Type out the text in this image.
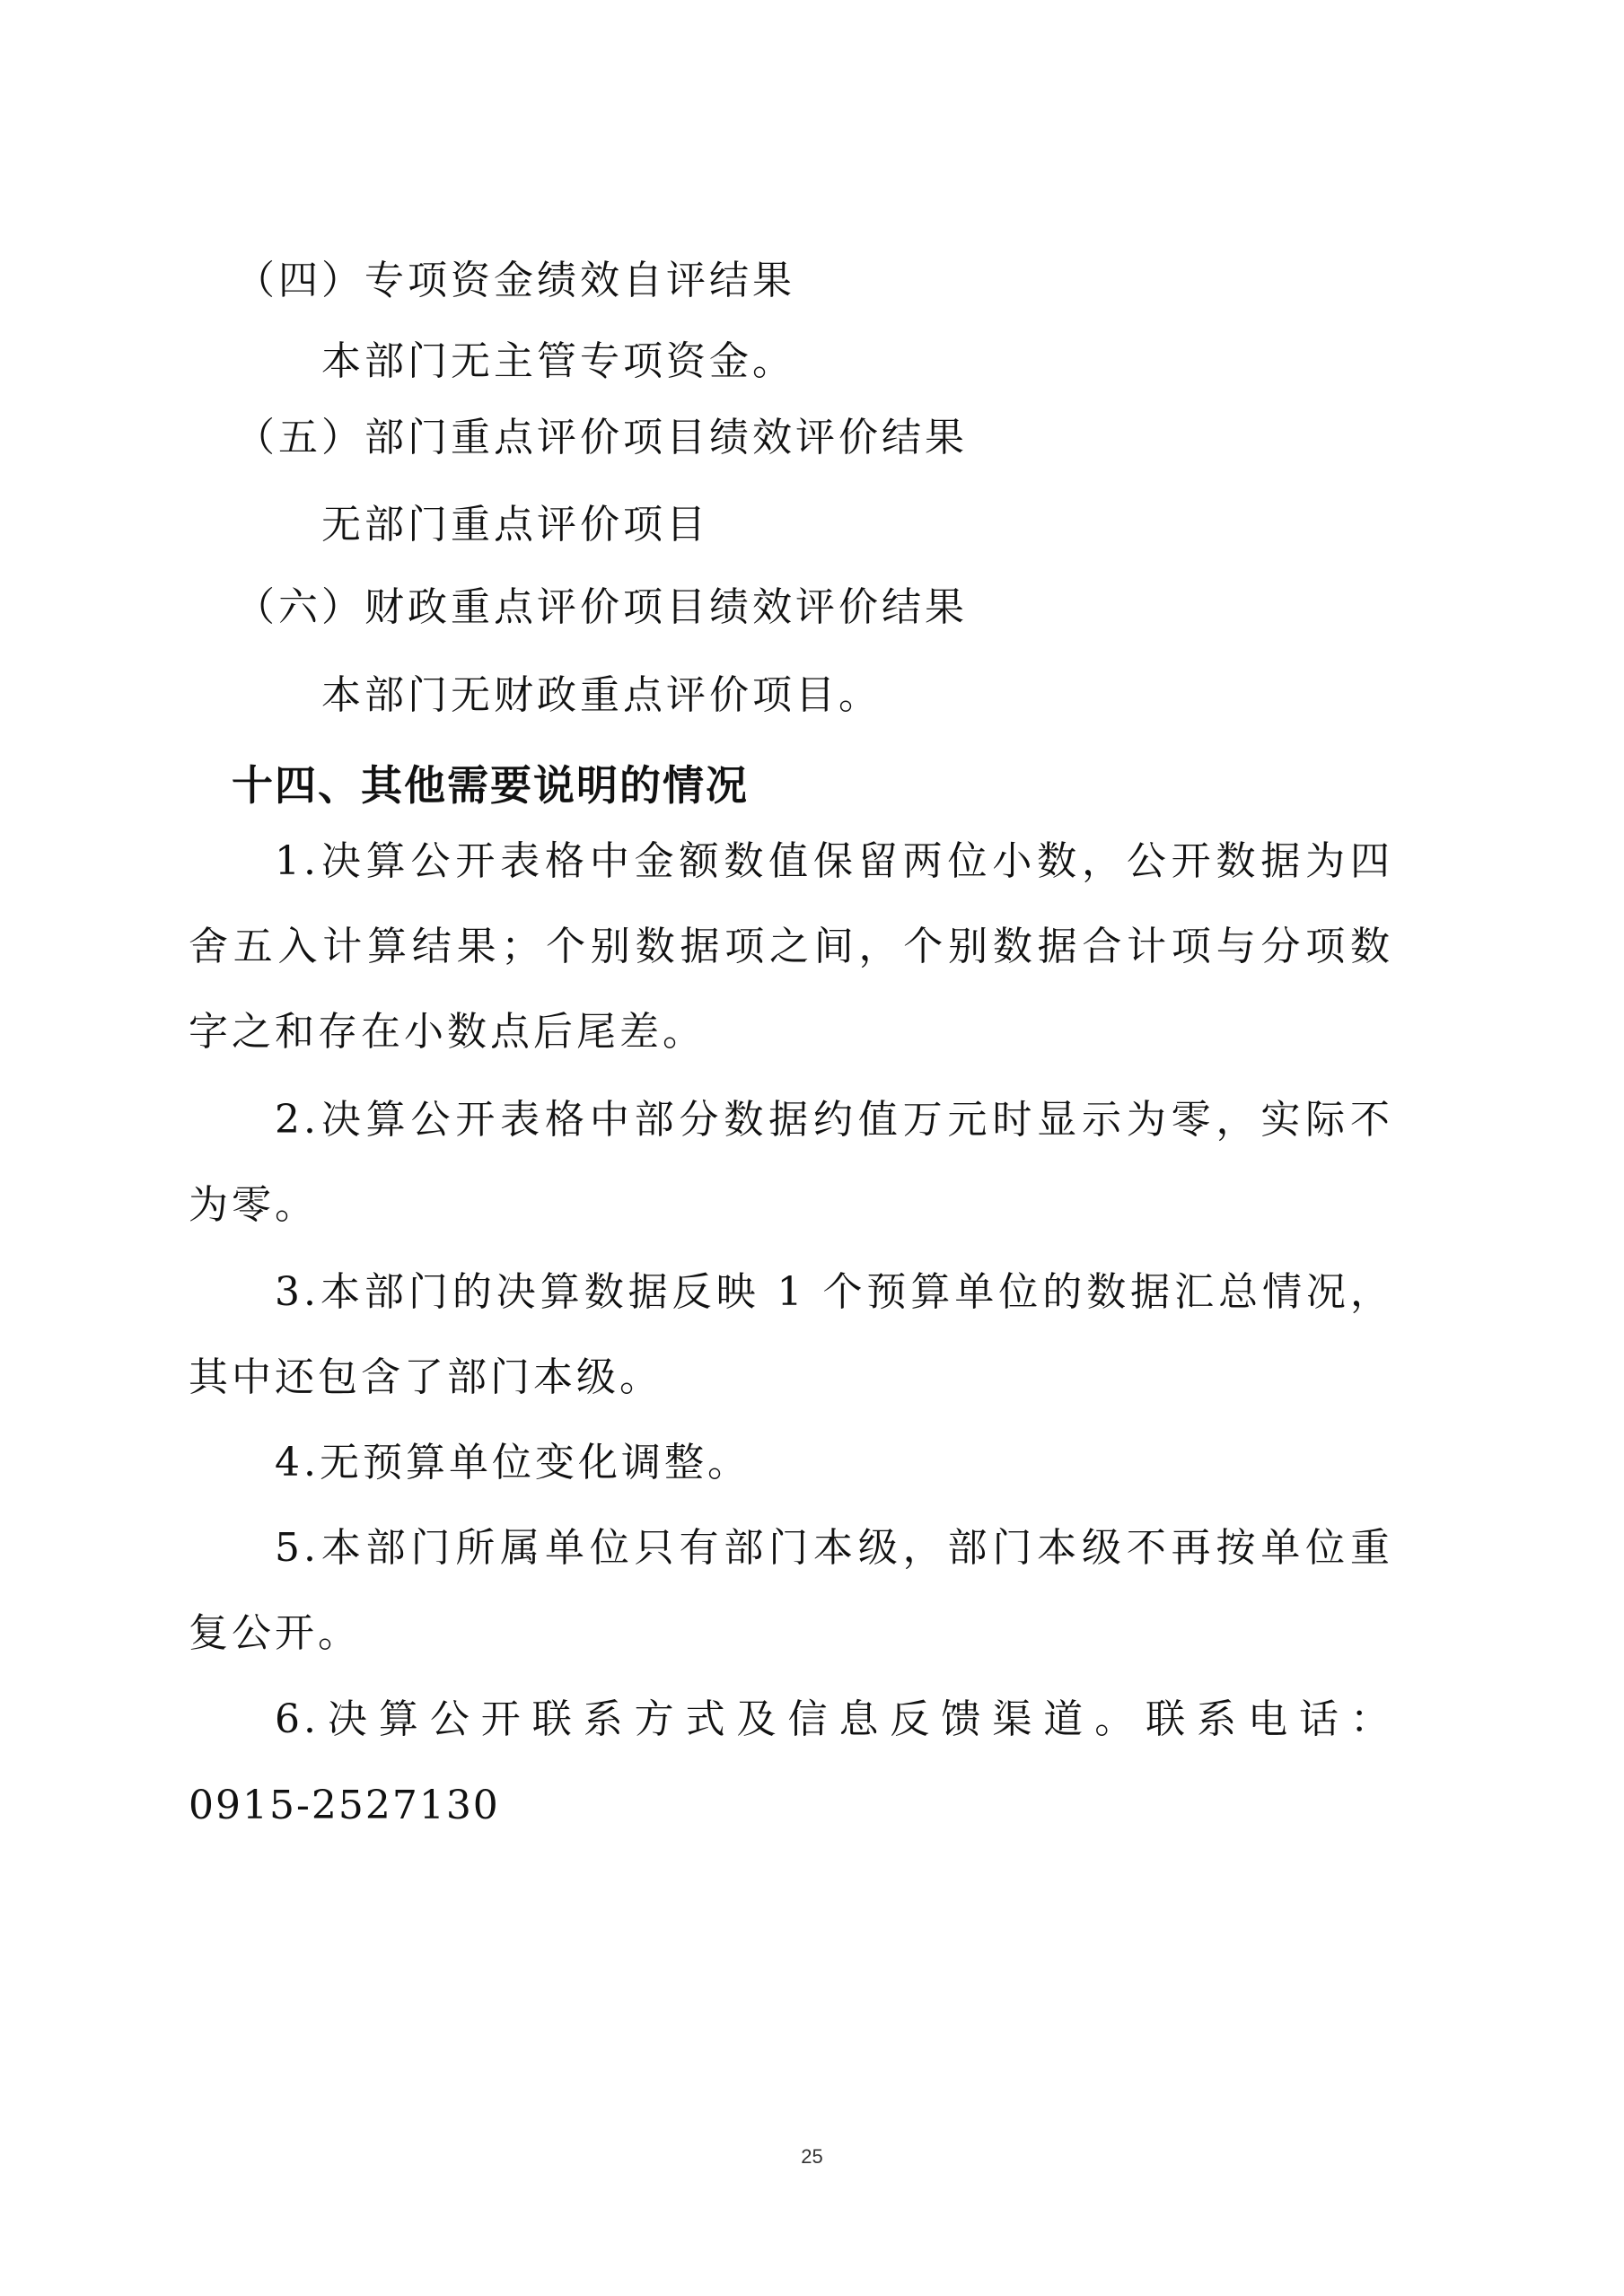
（四）专项资金绩效自评结果
本部门无主管专项资金。
（五）部门重点评价项目绩效评价结果
无部门重点评价项目
（六）财政重点评价项目绩效评价结果
本部门无财政重点评价项目。
十四、其他需要说明的情况
1.决算公开表格中金额数值保留两位小数，公开数据为四
舍五入计算结果；个别数据项之间，个别数据合计项与分项数
字之和存在小数点后尾差。
2.决算公开表格中部分数据约值万元时显示为零，实际不
为零。
3.本部门的决算数据反映 1 个预算单位的数据汇总情况，
其中还包含了部门本级。
4.无预算单位变化调整。
5.本部门所属单位只有部门本级，部门本级不再按单位重
复公开。
6.决算公开联系方式及信息反馈渠道。联系电话：
0915-2527130
25
